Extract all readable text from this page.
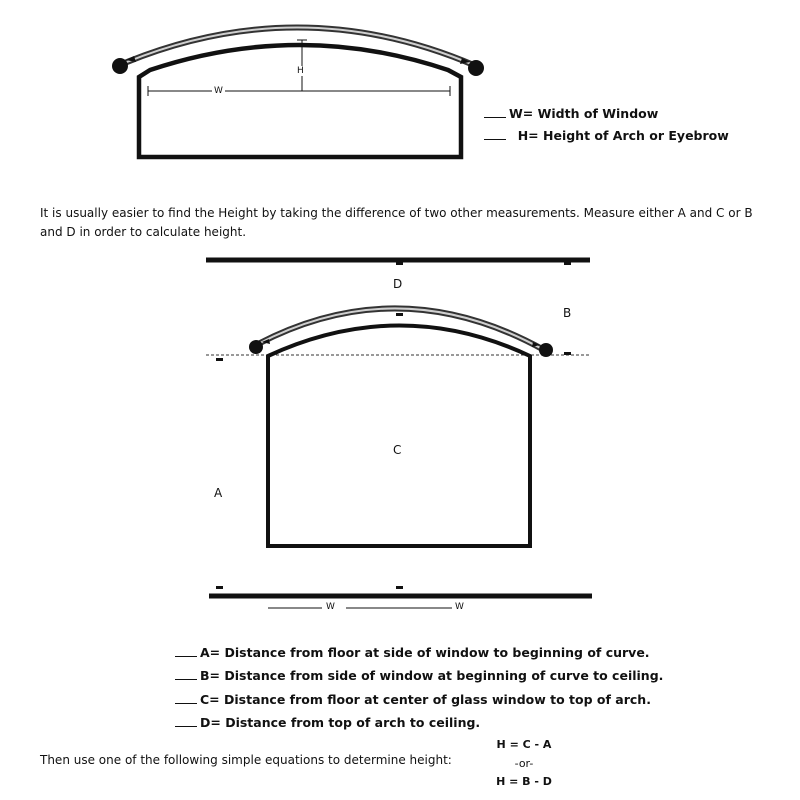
W
H
W= Width of Window
H= Height of Arch or Eyebrow
It is usually easier to find the Height by taking the difference of two other measurements. Measure either A and C or B and D in order to calculate height.
D
B
C
A
W	W
A= Distance from floor at side of window to beginning of curve.
B= Distance from side of window at beginning of curve to ceiling.
C= Distance from floor at center of glass window to top of arch.
D= Distance from top of arch to ceiling.
Then use one of the following simple equations to determine height:
H = C - A
-or-
H = B - D
